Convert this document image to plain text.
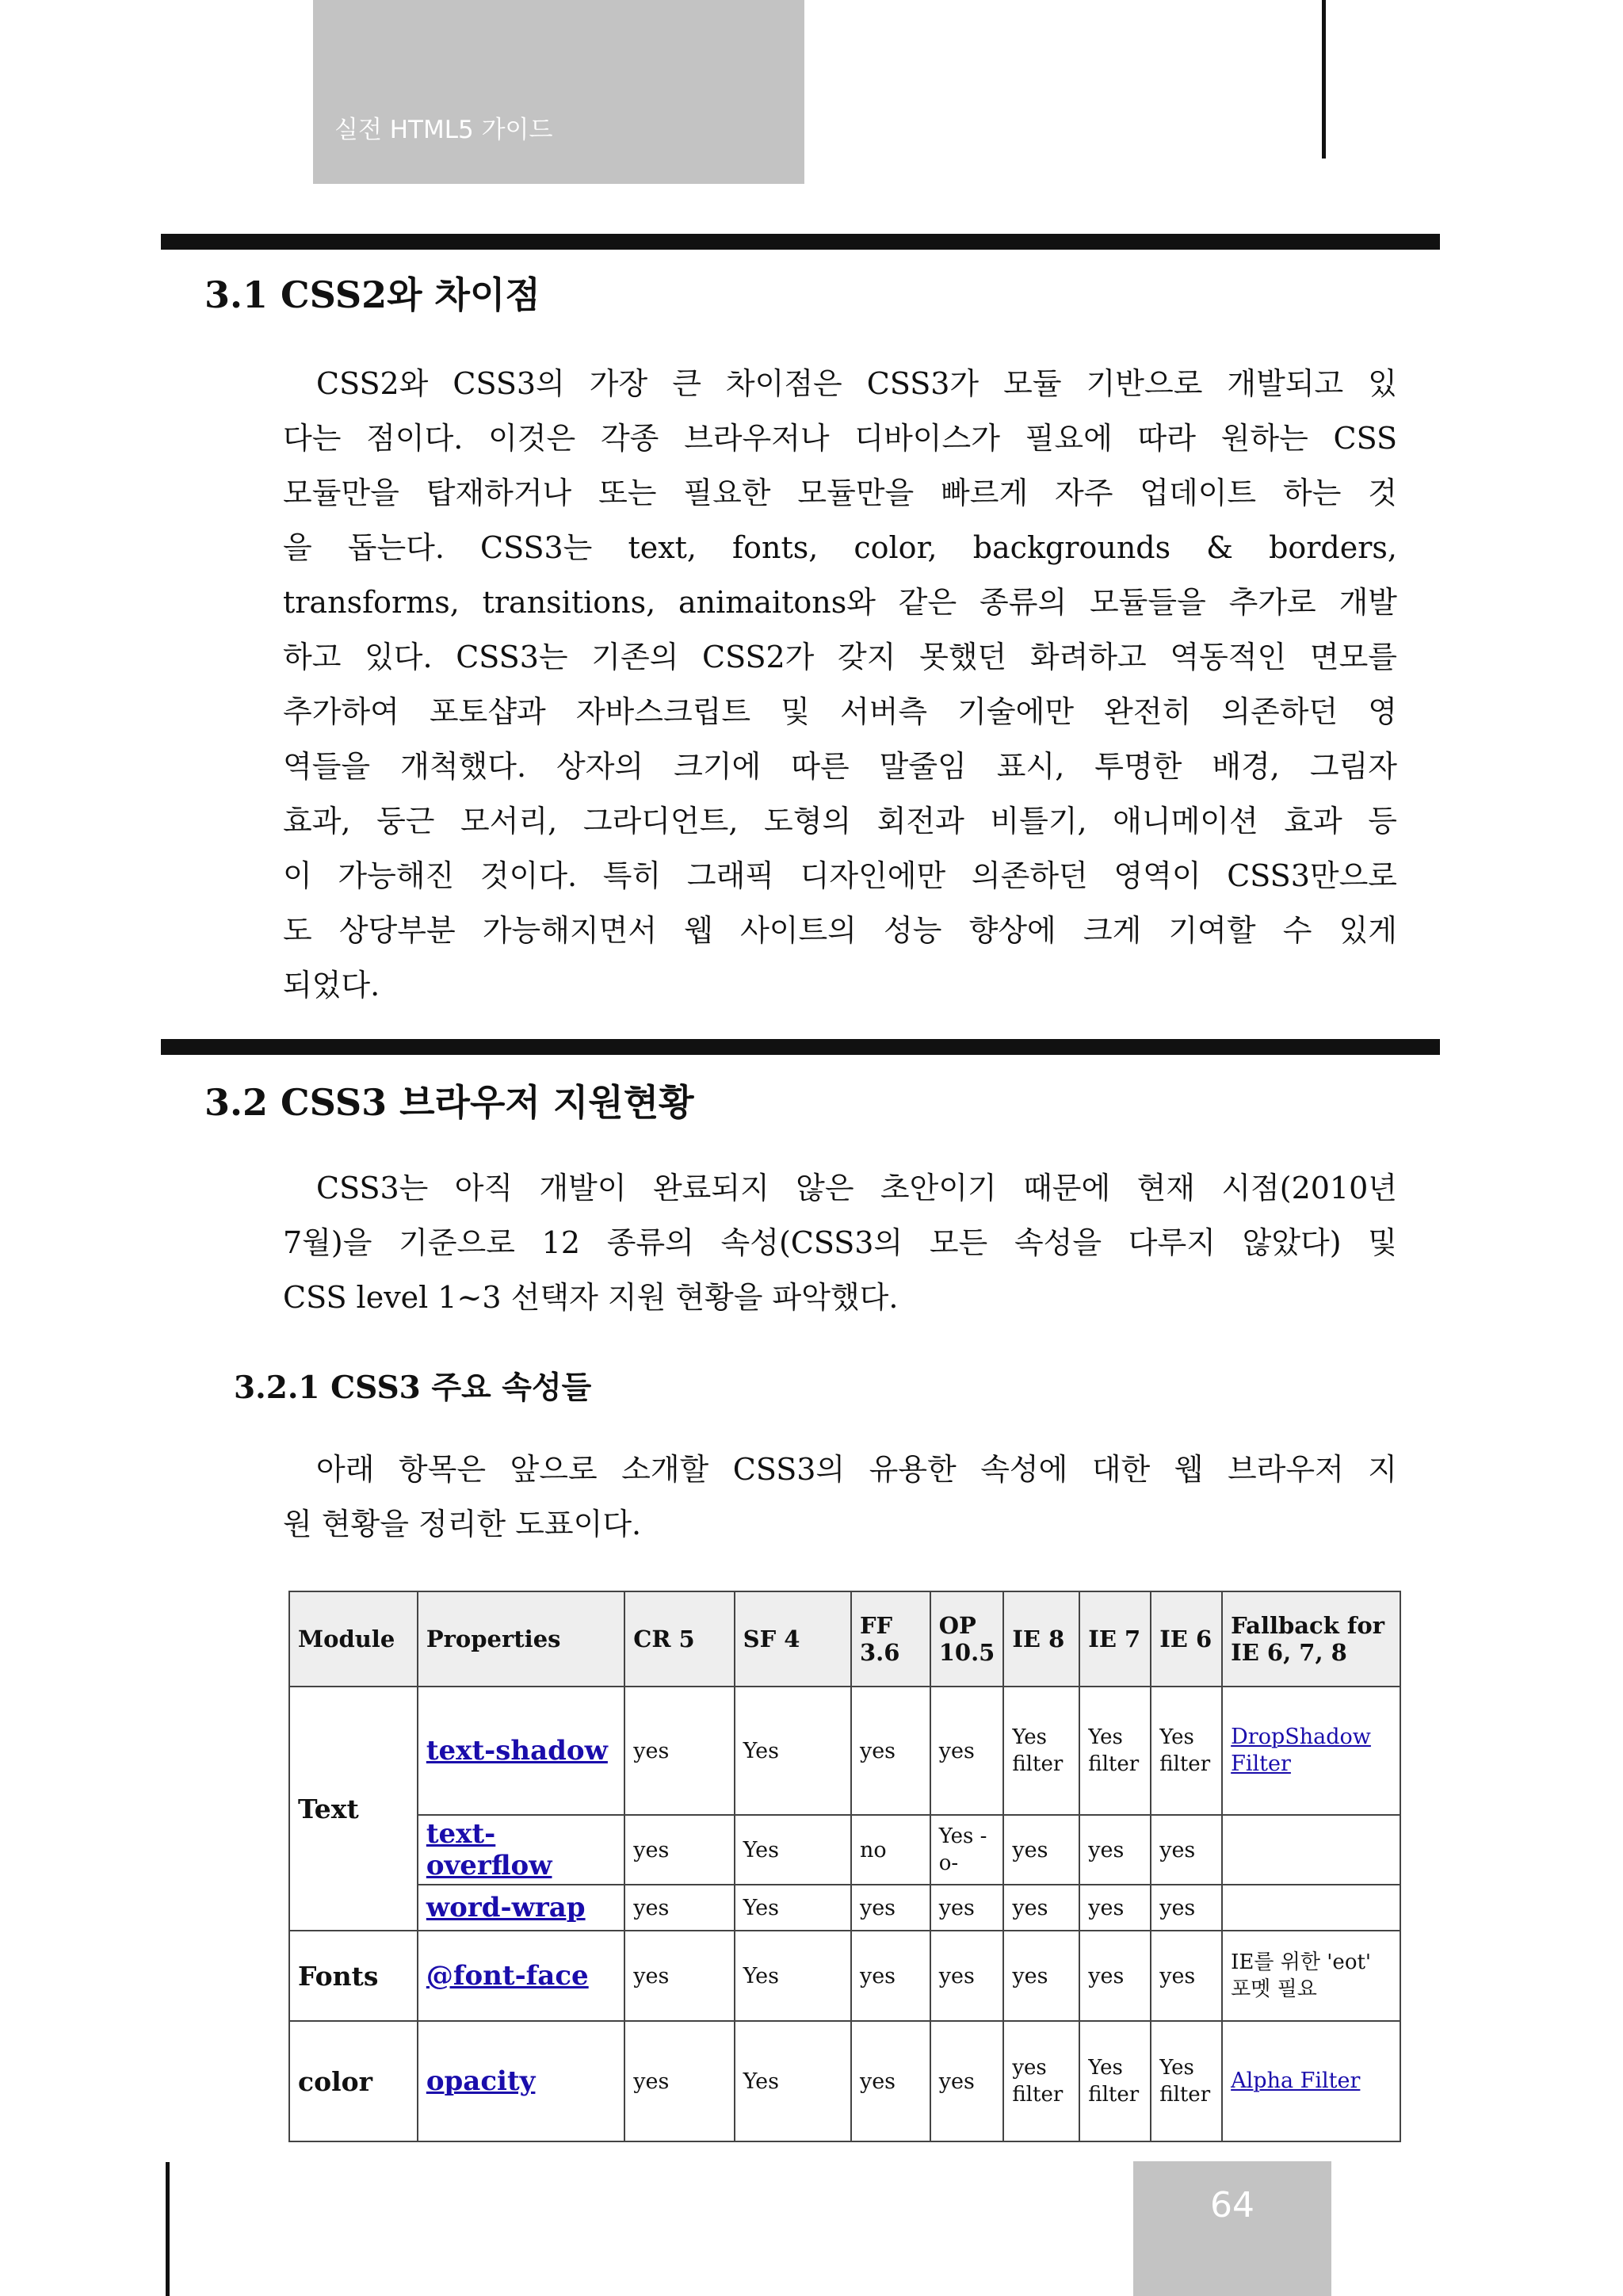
실전 HTML5 가이드
3.1 CSS2와 차이점
CSS2와 CSS3의 가장 큰 차이점은 CSS3가 모듈 기반으로 개발되고 있
다는 점이다. 이것은 각종 브라우저나 디바이스가 필요에 따라 원하는 CSS
모듈만을 탑재하거나 또는 필요한 모듈만을 빠르게 자주 업데이트 하는 것
을 돕는다. CSS3는 text, fonts, color, backgrounds & borders,
transforms, transitions, animaitons와 같은 종류의 모듈들을 추가로 개발
하고 있다. CSS3는 기존의 CSS2가 갖지 못했던 화려하고 역동적인 면모를
추가하여 포토샵과 자바스크립트 및 서버측 기술에만 완전히 의존하던 영
역들을 개척했다. 상자의 크기에 따른 말줄임 표시, 투명한 배경, 그림자
효과, 둥근 모서리, 그라디언트, 도형의 회전과 비틀기, 애니메이션 효과 등
이 가능해진 것이다. 특히 그래픽 디자인에만 의존하던 영역이 CSS3만으로
도 상당부분 가능해지면서 웹 사이트의 성능 향상에 크게 기여할 수 있게
되었다.
3.2 CSS3 브라우저 지원현황
CSS3는 아직 개발이 완료되지 않은 초안이기 때문에 현재 시점(2010년
7월)을 기준으로 12 종류의 속성(CSS3의 모든 속성을 다루지 않았다) 및
CSS level 1~3 선택자 지원 현황을 파악했다.
3.2.1 CSS3 주요 속성들
아래 항목은 앞으로 소개할 CSS3의 유용한 속성에 대한 웹 브라우저 지
원 현황을 정리한 도표이다.
Module	Properties	CR 5	SF 4	FF 3.6	OP 10.5	IE 8	IE 7	IE 6	Fallback for IE 6, 7, 8
Text	text-shadow	yes	Yes	yes	yes	Yes filter	Yes filter	Yes filter	DropShadow Filter
	text-overflow	yes	Yes	no	Yes -o-	yes	yes	yes	
	word-wrap	yes	Yes	yes	yes	yes	yes	yes	
Fonts	@font-face	yes	Yes	yes	yes	yes	yes	yes	IE를 위한 'eot' 포멧 필요
color	opacity	yes	Yes	yes	yes	yes filter	Yes filter	Yes filter	Alpha Filter
64
